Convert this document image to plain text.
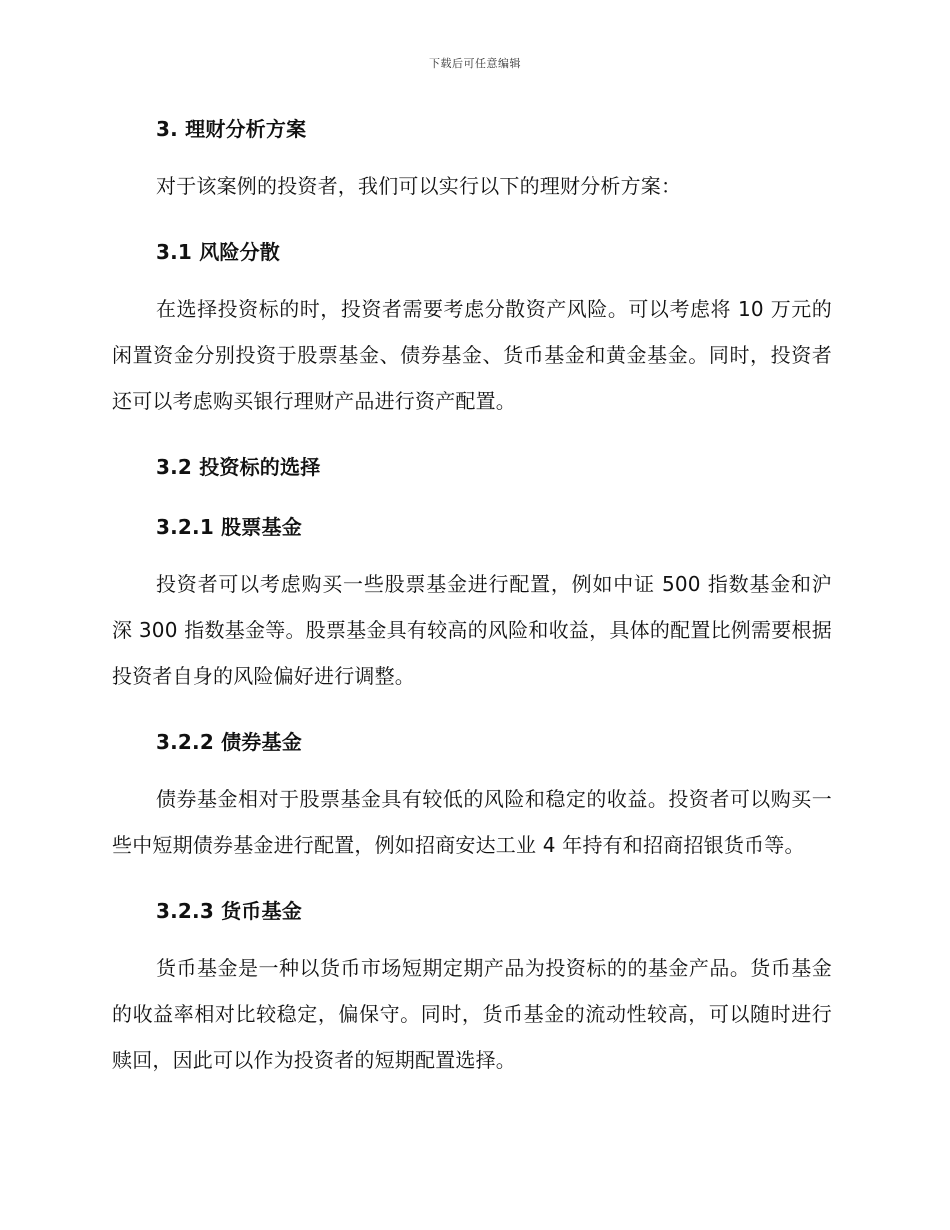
下载后可任意编辑
3. 理财分析方案

对于该案例的投资者，我们可以实行以下的理财分析方案：

3.1 风险分散

在选择投资标的时，投资者需要考虑分散资产风险。可以考虑将 10 万元的闲置资金分别投资于股票基金、债券基金、货币基金和黄金基金。同时，投资者还可以考虑购买银行理财产品进行资产配置。

3.2 投资标的选择
3.2.1 股票基金

投资者可以考虑购买一些股票基金进行配置，例如中证 500 指数基金和沪深 300 指数基金等。股票基金具有较高的风险和收益，具体的配置比例需要根据投资者自身的风险偏好进行调整。

3.2.2 债券基金

债券基金相对于股票基金具有较低的风险和稳定的收益。投资者可以购买一些中短期债券基金进行配置，例如招商安达工业 4 年持有和招商招银货币等。

3.2.3 货币基金

货币基金是一种以货币市场短期定期产品为投资标的的基金产品。货币基金的收益率相对比较稳定，偏保守。同时，货币基金的流动性较高，可以随时进行赎回，因此可以作为投资者的短期配置选择。
